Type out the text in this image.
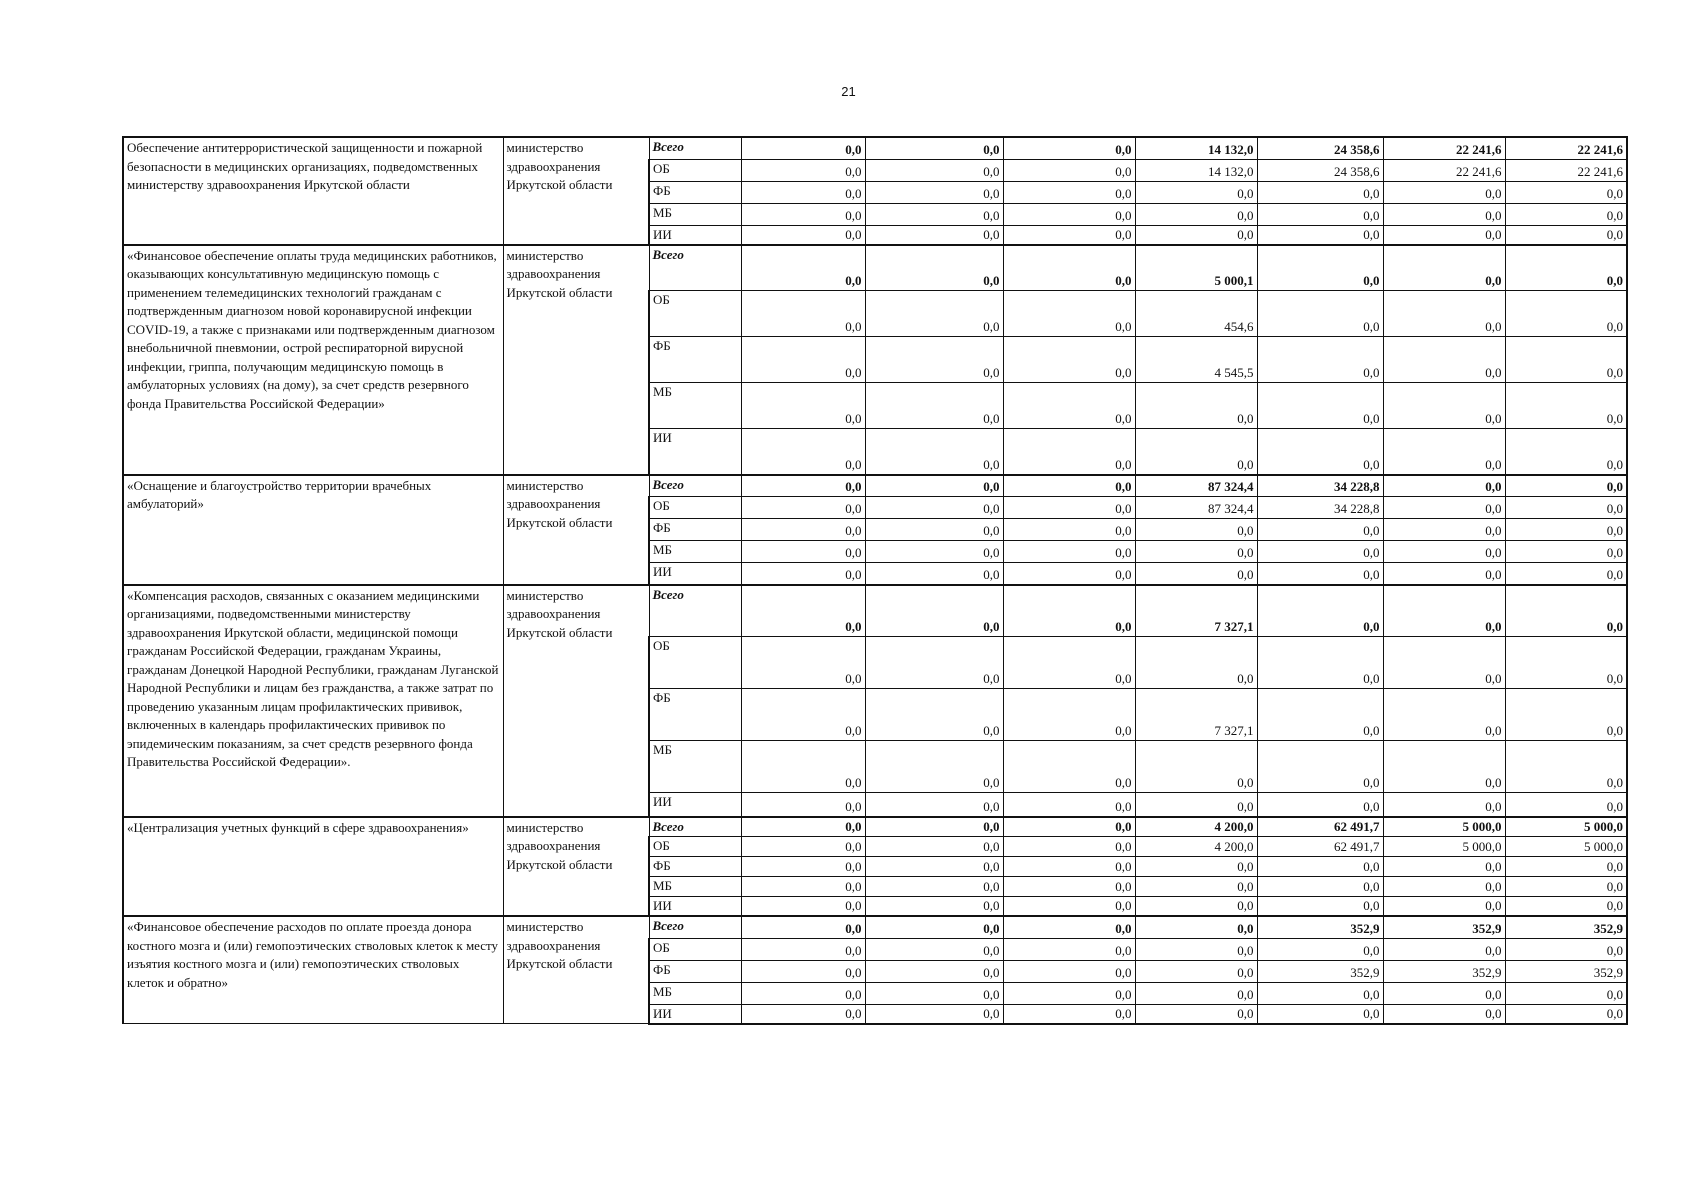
21
Обеспечение антитеррористической защищенности и пожарной безопасности в медицинских организациях, подведомственных министерству здравоохранения Иркутской области	министерство здравоохранения Иркутской области	Всего	0,0	0,0	0,0	14 132,0	24 358,6	22 241,6	22 241,6
		ОБ	0,0	0,0	0,0	14 132,0	24 358,6	22 241,6	22 241,6
		ФБ	0,0	0,0	0,0	0,0	0,0	0,0	0,0
		МБ	0,0	0,0	0,0	0,0	0,0	0,0	0,0
		ИИ	0,0	0,0	0,0	0,0	0,0	0,0	0,0
«Финансовое обеспечение оплаты труда медицинских работников, оказывающих консультативную медицинскую помощь с применением телемедицинских технологий гражданам с подтвержденным диагнозом новой коронавирусной инфекции COVID-19, а также с признаками или подтвержденным диагнозом внебольничной пневмонии, острой респираторной вирусной инфекции, гриппа, получающим медицинскую помощь в амбулаторных условиях (на дому), за счет средств резервного фонда Правительства Российской Федерации»	министерство здравоохранения Иркутской области	Всего	0,0	0,0	0,0	5 000,1	0,0	0,0	0,0
		ОБ	0,0	0,0	0,0	454,6	0,0	0,0	0,0
		ФБ	0,0	0,0	0,0	4 545,5	0,0	0,0	0,0
		МБ	0,0	0,0	0,0	0,0	0,0	0,0	0,0
		ИИ	0,0	0,0	0,0	0,0	0,0	0,0	0,0
«Оснащение и благоустройство территории врачебных амбулаторий»	министерство здравоохранения Иркутской области	Всего	0,0	0,0	0,0	87 324,4	34 228,8	0,0	0,0
		ОБ	0,0	0,0	0,0	87 324,4	34 228,8	0,0	0,0
		ФБ	0,0	0,0	0,0	0,0	0,0	0,0	0,0
		МБ	0,0	0,0	0,0	0,0	0,0	0,0	0,0
		ИИ	0,0	0,0	0,0	0,0	0,0	0,0	0,0
«Компенсация расходов, связанных с оказанием медицинскими организациями, подведомственными министерству здравоохранения Иркутской области, медицинской помощи гражданам Российской Федерации, гражданам Украины, гражданам Донецкой Народной Республики, гражданам Луганской Народной Республики и лицам без гражданства, а также затрат по проведению указанным лицам профилактических прививок, включенных в календарь профилактических прививок по эпидемическим показаниям, за счет средств резервного фонда Правительства Российской Федерации».	министерство здравоохранения Иркутской области	Всего	0,0	0,0	0,0	7 327,1	0,0	0,0	0,0
		ОБ	0,0	0,0	0,0	0,0	0,0	0,0	0,0
		ФБ	0,0	0,0	0,0	7 327,1	0,0	0,0	0,0
		МБ	0,0	0,0	0,0	0,0	0,0	0,0	0,0
		ИИ	0,0	0,0	0,0	0,0	0,0	0,0	0,0
«Централизация учетных функций в сфере здравоохранения»	министерство здравоохранения Иркутской области	Всего	0,0	0,0	0,0	4 200,0	62 491,7	5 000,0	5 000,0
		ОБ	0,0	0,0	0,0	4 200,0	62 491,7	5 000,0	5 000,0
		ФБ	0,0	0,0	0,0	0,0	0,0	0,0	0,0
		МБ	0,0	0,0	0,0	0,0	0,0	0,0	0,0
		ИИ	0,0	0,0	0,0	0,0	0,0	0,0	0,0
«Финансовое обеспечение расходов по оплате проезда донора костного мозга и (или) гемопоэтических стволовых клеток к месту изъятия костного мозга и (или) гемопоэтических стволовых клеток и обратно»	министерство здравоохранения Иркутской области	Всего	0,0	0,0	0,0	0,0	352,9	352,9	352,9
		ОБ	0,0	0,0	0,0	0,0	0,0	0,0	0,0
		ФБ	0,0	0,0	0,0	0,0	352,9	352,9	352,9
		МБ	0,0	0,0	0,0	0,0	0,0	0,0	0,0
		ИИ	0,0	0,0	0,0	0,0	0,0	0,0	0,0
